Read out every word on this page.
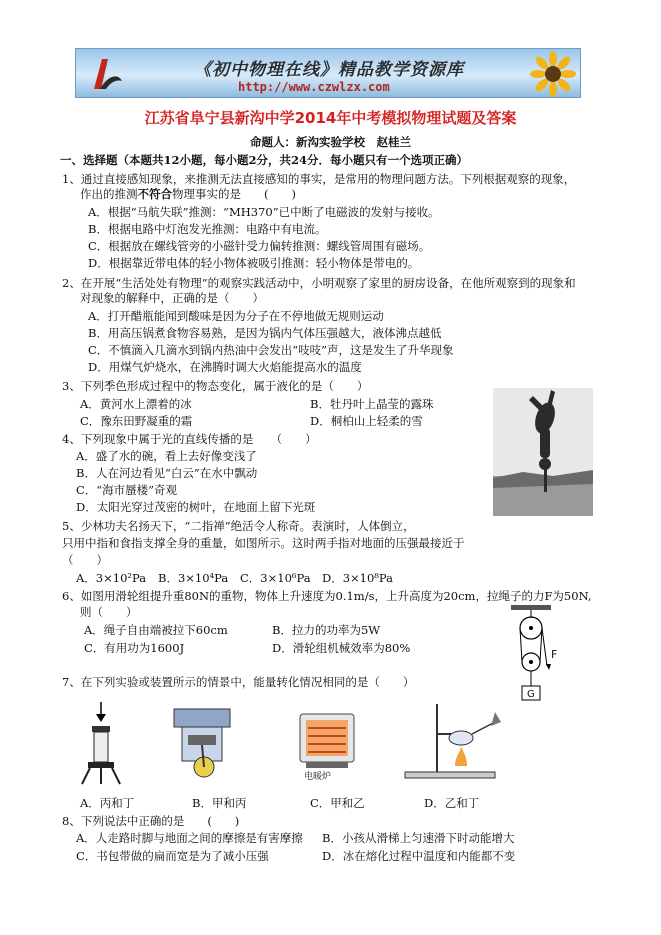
《初中物理在线》精品教学资源库
http://www.czwlzx.com
江苏省阜宁县新沟中学2014年中考模拟物理试题及答案
命题人：新沟实验学校　赵桂兰
一、选择题（本题共12小题，每小题2分，共24分．每小题只有一个选项正确）
1、通过直接感知现象，来推测无法直接感知的事实，是常用的物理问题方法。下列根据观察的现象，
作出的推测不符合物理事实的是　　(　　)
A．根据“马航失联”推测：“MH370”已中断了电磁波的发射与接收。
B．根据电路中灯泡发光推测：电路中有电流。
C．根据放在螺线管旁的小磁针受力偏转推测：螺线管周围有磁场。
D．根据靠近带电体的轻小物体被吸引推测：轻小物体是带电的。
2、在开展“生活处处有物理”的观察实践活动中，小明观察了家里的厨房设备，在他所观察到的现象和
对现象的解释中，正确的是（　　）
A．打开醋瓶能闻到酸味是因为分子在不停地做无规则运动
B．用高压锅煮食物容易熟，是因为锅内气体压强越大，液体沸点越低
C．不慎滴入几滴水到锅内热油中会发出“吱吱”声，这是发生了升华现象
D．用煤气炉烧水，在沸腾时调大火焰能提高水的温度
3、下列季色形成过程中的物态变化，属于液化的是（　　）
A．黄河水上漂着的冰	B．牡丹叶上晶莹的露珠
C．豫东田野凝重的霜	D．桐柏山上轻柔的雪
4、下列现象中属于光的直线传播的是　　（　　）
A．盛了水的碗，看上去好像变浅了
B．人在河边看见“白云”在水中飘动
C．“海市蜃楼”奇观
D．太阳光穿过茂密的树叶，在地面上留下光斑
5、少林功夫名扬天下，“二指禅”绝活令人称奇。表演时，人体倒立，
只用中指和食指支撑全身的重量，如图所示。这时两手指对地面的压强最接近于
（　　）
A．3×10²Pa B．3×10⁴Pa C．3×10⁶Pa D．3×10⁸Pa
6、如图用滑轮组提升重80N的重物，物体上升速度为0.1m/s，上升高度为20cm，拉绳子的力F为50N,
则（　　）
A．绳子自由端被拉下60cm	B．拉力的功率为5W
C．有用功为1600J	D．滑轮组机械效率为80%	F
G
7、在下列实验或装置所示的情景中，能量转化情况相同的是（　　）
电暖炉
A．丙和丁	B．甲和丙	C．甲和乙	D．乙和丁
8、下列说法中正确的是　　(　　)
A．人走路时脚与地面之间的摩擦是有害摩擦 B．小孩从滑梯上匀速滑下时动能增大
C．书包带做的扁而宽是为了减小压强	D．冰在熔化过程中温度和内能都不变
